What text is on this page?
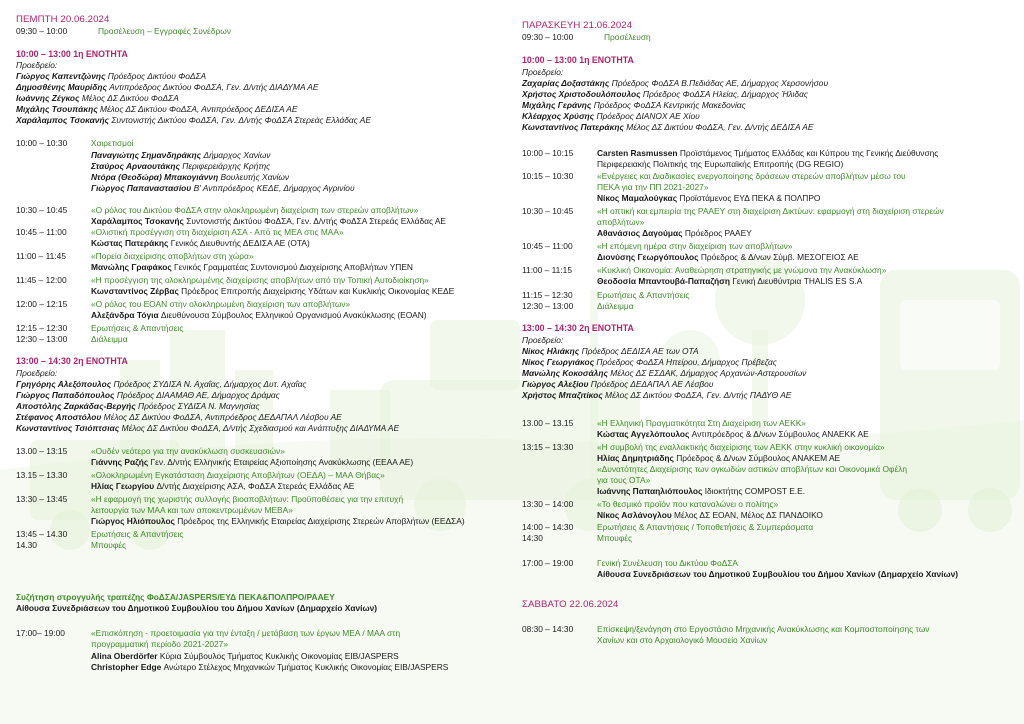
ΠΕΜΠΤΗ 20.06.2024
09:30 – 10:00	Προσέλευση – Εγγραφές Συνέδρων
10:00 – 13:00 1η ΕΝΟΤΗΤΑ
Προεδρείο:
Γιώργος Καπεντζώνης Πρόεδρος Δικτύου ΦοΔΣΑ
Δημοσθένης Μαυρίδης Αντιπρόεδρος Δικτύου ΦοΔΣΑ, Γεν. Δ/ντής ΔΙΑΔΥΜΑ ΑΕ
Ιωάννης Ζέγκος Μέλος ΔΣ Δικτύου ΦοΔΣΑ
Μιχάλης Τσουπάκης Μέλος ΔΣ Δικτύου ΦοΔΣΑ, Αντιπρόεδρος ΔΕΔΙΣΑ ΑΕ
Χαράλαμπος Τσοκανής Συντονιστής Δικτύου ΦοΔΣΑ, Γεν. Δ/ντής ΦοΔΣΑ Στερεάς Ελλάδας ΑΕ
10:00 – 10:30	Χαιρετισμοί
Παναγιώτης Σημανδηράκης Δήμαρχος Χανίων
Σταύρος Αρναουτάκης Περιφερειάρχης Κρήτης
Ντόρα (Θεοδώρα) Μπακογιάννη Βουλευτής Χανίων
Γιώργος Παπαναστασίου Β' Αντιπρόεδρος ΚΕΔΕ, Δήμαρχος Αγρινίου
10:30 – 10:45	«Ο ρόλος του Δικτύου ΦοΔΣΑ στην ολοκληρωμένη διαχείριση των στερεών αποβλήτων»
Χαράλαμπος Τσοκανής Συντονιστής Δικτύου ΦοΔΣΑ, Γεν. Δ/ντής ΦοΔΣΑ Στερεάς Ελλάδας ΑΕ
10:45 – 11:00	«Ολιστική προσέγγιση στη διαχείριση ΑΣΑ - Από τις ΜΕΑ στις ΜΑΑ»
Κώστας Πατεράκης Γενικός Διευθυντής ΔΕΔΙΣΑ ΑΕ (ΟΤΑ)
11:00 – 11:45	«Πορεία διαχείρισης αποβλήτων στη χώρα»
Μανώλης Γραφάκος Γενικός Γραμματέας Συντονισμού Διαχείρισης Αποβλήτων ΥΠΕΝ
11:45 – 12:00	«Η προσέγγιση της ολοκληρωμένης διαχείρισης αποβλήτων από την Τοπική Αυτοδιοίκηση»
Κωνσταντίνος Ζέρβας Πρόεδρος Επιτροπής Διαχείρισης Υδάτων και Κυκλικής Οικονομίας ΚΕΔΕ
12:00 – 12:15	«Ο ρόλος του ΕΟΑΝ στην ολοκληρωμένη διαχείριση των αποβλήτων»
Αλεξάνδρα Τόγια Διευθύνουσα Σύμβουλος Ελληνικού Οργανισμού Ανακύκλωσης (ΕΟΑΝ)
12:15 – 12:30	Ερωτήσεις & Απαντήσεις
12:30 – 13:00	Διάλειμμα
13:00 – 14:30 2η ΕΝΟΤΗΤΑ
Προεδρείο:
Γρηγόρης Αλεξόπουλος Πρόεδρος ΣΥΔΙΣΑ Ν. Αχαΐας, Δήμαρχος Δυτ. Αχαΐας
Γιώργος Παπαδόπουλος Πρόεδρος ΔΙΑΑΜΑΘ ΑΕ, Δήμαρχος Δράμας
Αποστόλης Ζαρκάδας-Βεργής Πρόεδρος ΣΥΔΙΣΑ Ν. Μαγνησίας
Στέφανος Αποστόλου Μέλος ΔΣ Δικτύου ΦοΔΣΑ, Αντιπρόεδρος ΔΕΔΑΠΑΛ Λέσβου ΑΕ
Κωνσταντίνος Τσιόπτσιας Μέλος ΔΣ Δικτύου ΦοΔΣΑ, Δ/ντής Σχεδιασμού και Ανάπτυξης ΔΙΑΔΥΜΑ ΑΕ
13.00 – 13:15	«Ουδέν νεότερο για την ανακύκλωση συσκευασιών»
Γιάννης Ραζής Γεν. Δ/ντής Ελληνικής Εταιρείας Αξιοποίησης Ανακύκλωσης (ΕΕΑΑ ΑΕ)
13.15 – 13.30	«Ολοκληρωμένη Εγκατάσταση Διαχείρισης Αποβλήτων (ΟΕΔΑ) – ΜΑΑ Θήβας»
Ηλίας Γεωργίου Δ/ντής Διαχείρισης ΑΣΑ, ΦοΔΣΑ Στερεάς Ελλάδας ΑΕ
13:30 – 13:45	«Η εφαρμογή της χωριστής συλλογής βιοαποβλήτων: Προϋποθέσεις για την επιτυχή
λειτουργία των ΜΑΑ και των αποκεντρωμένων ΜΕΒΑ»
Γιώργος Ηλιόπουλος Πρόεδρος της Ελληνικής Εταιρείας Διαχείρισης Στερεών Αποβλήτων (ΕΕΔΣΑ)
13:45 – 14.30	Ερωτήσεις & Απαντήσεις
14.30	Μπουφές
Συζήτηση στρογγυλής τραπέζης ΦοΔΣΑ/JASPERS/ΕΥΔ ΠΕΚΑ&ΠΟΛΠΡΟ/ΡΑΑΕΥ
Αίθουσα Συνεδριάσεων του Δημοτικού Συμβουλίου του Δήμου Χανίων (Δημαρχείο Χανίων)
17:00– 19:00	«Επισκόπηση - προετοιμασία για την ένταξη / μετάβαση των έργων ΜΕΑ / ΜΑΑ στη
προγραμματική περίοδο 2021-2027»
Alina Oberdörfer Κύρια Σύμβουλος Τμήματος Κυκλικής Οικονομίας EIB/JASPERS
Christopher Edge Ανώτερο Στέλεχος Μηχανικών Τμήματος Κυκλικής Οικονομίας EIB/JASPERS
ΠΑΡΑΣΚΕΥΗ 21.06.2024
09:30 – 10:00	Προσέλευση
10:00 – 13:00 1η ΕΝΟΤΗΤΑ
Προεδρείο:
Ζαχαρίας Δοξαστάκης Πρόεδρος ΦοΔΣΑ Β.Πεδιάδας ΑΕ, Δήμαρχος Χερσονήσου
Χρήστος Χριστοδουλόπουλος Πρόεδρος ΦοΔΣΑ Ηλείας, Δήμαρχος Ήλιδας
Μιχάλης Γεράνης Πρόεδρος ΦοΔΣΑ Κεντρικής Μακεδονίας
Κλέαρχος Χρύσης Πρόεδρος ΔΙΑΝΟΧ ΑΕ Χίου
Κωνσταντίνος Πατεράκης Μέλος ΔΣ Δικτύου ΦοΔΣΑ, Γεν. Δ/ντής ΔΕΔΙΣΑ ΑΕ
10:00 – 10:15	Carsten Rasmussen Προϊστάμενος Τμήματος Ελλάδας και Κύπρου της Γενικής Διεύθυνσης
Περιφερειακής Πολιτικής της Ευρωπαϊκής Επιτροπής (DG REGIO)
10:15 – 10:30	«Ενέργειες και Διαδικασίες ενεργοποίησης δράσεων στερεών αποβλήτων μέσω του
ΠΕΚΑ για την ΠΠ 2021-2027»
Νίκος Μαμαλούγκας Προϊστάμενος ΕΥΔ ΠΕΚΑ & ΠΟΛΠΡΟ
10:30 – 10:45	«Η οπτική και εμπειρία της ΡΑΑΕΥ στη διαχείριση Δικτύων: εφαρμογή στη διαχείριση στερεών
αποβλήτων»
Αθανάσιος Δαγούμας Πρόεδρος ΡΑΑΕΥ
10:45 – 11:00	«Η επόμενη ημέρα στην διαχείριση των αποβλήτων»
Διονύσης Γεωργόπουλος Πρόεδρος & Δ/νων Σύμβ. ΜΕΣΟΓΕΙΟΣ ΑΕ
11:00 – 11:15	«Κυκλική Οικονομία: Αναθεώρηση στρατηγικής με γνώμονα την Ανακύκλωση»
Θεοδοσία Μπαντουβά-Παπαζήση Γενική Διευθύντρια THALIS ES S.A
11:15 – 12:30	Ερωτήσεις & Απαντήσεις
12:30 – 13:00	Διάλειμμα
13:00 – 14:30 2η ΕΝΟΤΗΤΑ
Προεδρείο:
Νίκος Ηλιάκης Πρόεδρος ΔΕΔΙΣΑ ΑΕ των ΟΤΑ
Νίκος Γεωργιάκος Πρόεδρος ΦοΔΣΑ Ηπείρου, Δήμαρχος Πρέβεζας
Μανώλης Κοκοσάλης Μέλος ΔΣ ΕΣΔΑΚ, Δήμαρχος Αρχανών-Αστερουσίων
Γιώργος Αλεξίου Πρόεδρος ΔΕΔΑΠΑΛ ΑΕ Λέσβου
Χρήστος Μπαζιτίκος Μέλος ΔΣ Δικτύου ΦοΔΣΑ, Γεν. Δ/ντής ΠΑΔΥΘ ΑΕ
13.00 – 13.15	«Η Ελληνική Πραγματικότητα Στη Διαχείριση των ΑΕΚΚ»
Κώστας Αγγελόπουλος Αντιπρόεδρος & Δ/νων Σύμβουλος ΑΝΑΕΚΚ ΑΕ
13:15 – 13:30	«Η συμβολή της εναλλακτικής διαχείρισης των ΑΕΚΚ στην κυκλική οικονομία»
Ηλίας Δημητριάδης Πρόεδρος & Δ/νων Σύμβουλος ΑΝΑΚΕΜ ΑΕ
«Δυνατότητες Διαχείρισης των ογκωδών αστικών αποβλήτων και Οικονομικά Οφέλη
για τους ΟΤΑ»
Ιωάννης Παπαηλιόπουλος Ιδιοκτήτης COMPOST Ε.Ε.
13:30 – 14:00	«Το θεσμικό προϊόν που καταναλώνει ο πολίτης»
Νίκος Ασλάνογλου Μέλος ΔΣ ΕΟΑΝ, Μέλος ΔΣ ΠΑΝΔΟΙΚΟ
14:00 – 14:30	Ερωτήσεις & Απαντήσεις / Τοποθετήσεις & Συμπεράσματα
14:30	Μπουφές
17:00 – 19:00	Γενική Συνέλευση του Δικτύου ΦοΔΣΑ
Αίθουσα Συνεδριάσεων του Δημοτικού Συμβουλίου του Δήμου Χανίων (Δημαρχείο Χανίων)
ΣΑΒΒΑΤΟ 22.06.2024
08:30 – 14:30	Επίσκεψη/ξενάγηση στο Εργοστάσιο Μηχανικής Ανακύκλωσης και Κομποστοποίησης των
Χανίων και στο Αρχαιολογικό Μουσείο Χανίων
